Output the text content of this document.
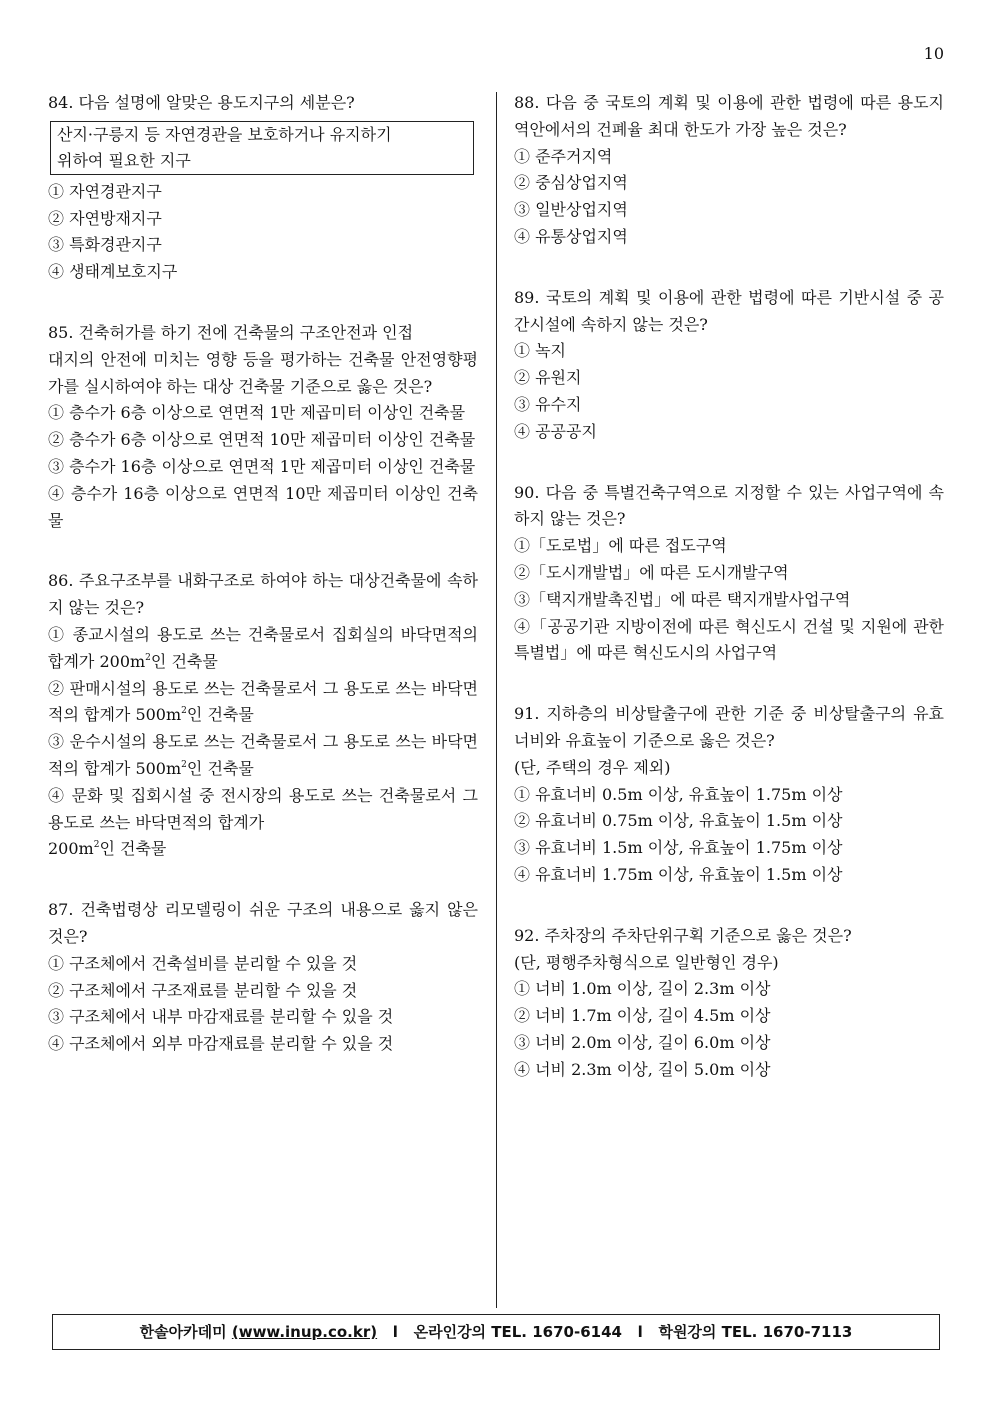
10

84. 다음 설명에 알맞은 용도지구의 세분은?

산지·구릉지 등 자연경관을 보호하거나 유지하기
위하여 필요한 지구

① 자연경관지구

② 자연방재지구

③ 특화경관지구

④ 생태계보호지구

85. 건축허가를 하기 전에 건축물의 구조안전과 인접

대지의 안전에 미치는 영향 등을 평가하는 건축물 안전영향평가를 실시하여야 하는 대상 건축물 기준으로 옳은 것은?

① 층수가 6층 이상으로 연면적 1만 제곱미터 이상인 건축물

② 층수가 6층 이상으로 연면적 10만 제곱미터 이상인 건축물

③ 층수가 16층 이상으로 연면적 1만 제곱미터 이상인 건축물

④ 층수가 16층 이상으로 연면적 10만 제곱미터 이상인 건축물

86. 주요구조부를 내화구조로 하여야 하는 대상건축물에 속하지 않는 것은?

① 종교시설의 용도로 쓰는 건축물로서 집회실의 바닥면적의 합계가 $200m^2$인 건축물

② 판매시설의 용도로 쓰는 건축물로서 그 용도로 쓰는 바닥면적의 합계가 $500m^2$인 건축물

③ 운수시설의 용도로 쓰는 건축물로서 그 용도로 쓰는 바닥면적의 합계가 $500m^2$인 건축물

④ 문화 및 집회시설 중 전시장의 용도로 쓰는 건축물로서 그 용도로 쓰는 바닥면적의 합계가
$200m^2$인 건축물

87. 건축법령상 리모델링이 쉬운 구조의 내용으로 옳지 않은 것은?

① 구조체에서 건축설비를 분리할 수 있을 것

② 구조체에서 구조재료를 분리할 수 있을 것

③ 구조체에서 내부 마감재료를 분리할 수 있을 것

④ 구조체에서 외부 마감재료를 분리할 수 있을 것

88. 다음 중 국토의 계획 및 이용에 관한 법령에 따른 용도지역안에서의 건폐율 최대 한도가 가장 높은 것은?

① 준주거지역

② 중심상업지역

③ 일반상업지역

④ 유통상업지역

89. 국토의 계획 및 이용에 관한 법령에 따른 기반시설 중 공간시설에 속하지 않는 것은?

① 녹지

② 유원지

③ 유수지

④ 공공공지

90. 다음 중 특별건축구역으로 지정할 수 있는 사업구역에 속하지 않는 것은?

①「도로법」에 따른 접도구역

②「도시개발법」에 따른 도시개발구역

③「택지개발촉진법」에 따른 택지개발사업구역

④「공공기관 지방이전에 따른 혁신도시 건설 및 지원에 관한 특별법」에 따른 혁신도시의 사업구역

91. 지하층의 비상탈출구에 관한 기준 중 비상탈출구의 유효너비와 유효높이 기준으로 옳은 것은?

(단, 주택의 경우 제외)

① 유효너비 0.5m 이상, 유효높이 1.75m 이상

② 유효너비 0.75m 이상, 유효높이 1.5m 이상

③ 유효너비 1.5m 이상, 유효높이 1.75m 이상

④ 유효너비 1.75m 이상, 유효높이 1.5m 이상

92. 주차장의 주차단위구획 기준으로 옳은 것은?

(단, 평행주차형식으로 일반형인 경우)

① 너비 1.0m 이상, 길이 2.3m 이상

② 너비 1.7m 이상, 길이 4.5m 이상

③ 너비 2.0m 이상, 길이 6.0m 이상

④ 너비 2.3m 이상, 길이 5.0m 이상

한솔아카데미 (www.inup.co.kr) l 온라인강의 TEL. 1670-6144 l 학원강의 TEL. 1670-7113
